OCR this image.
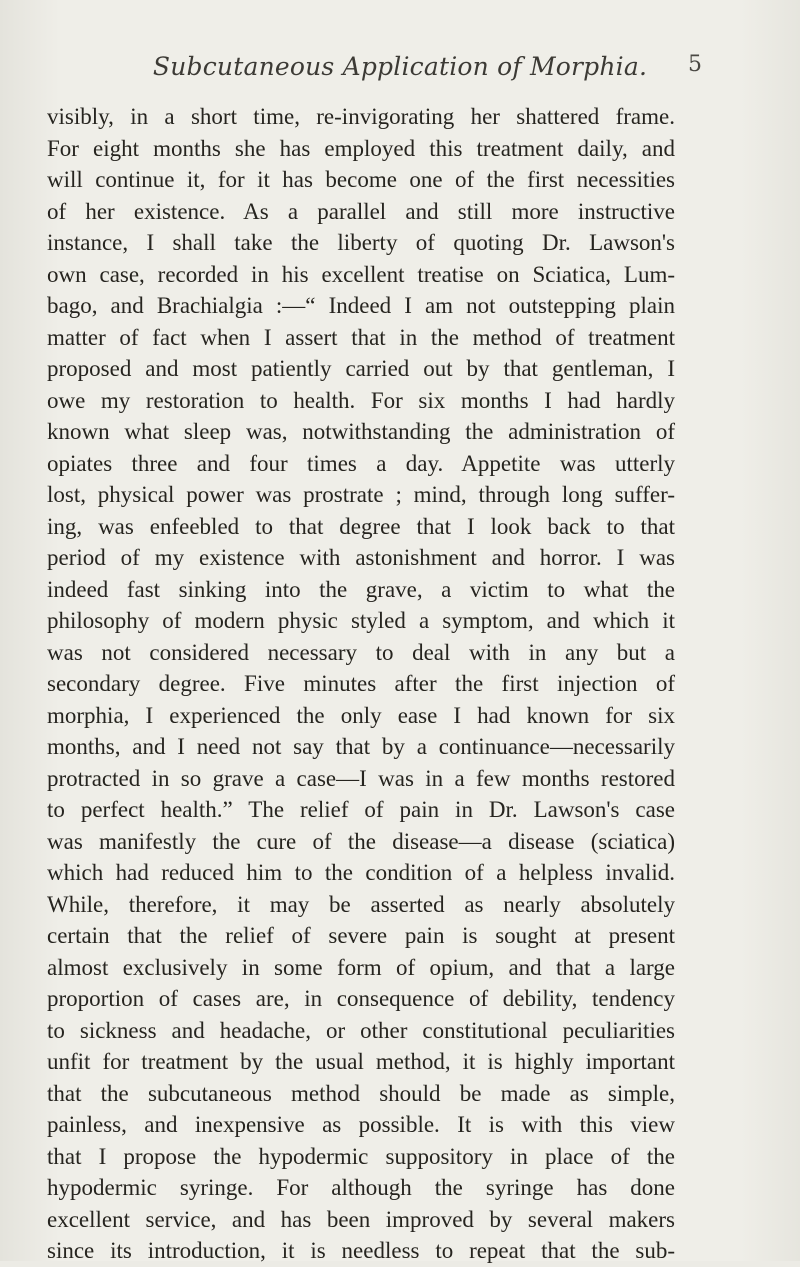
Subcutaneous Application of Morphia.	5
visibly, in a short time, re-invigorating her shattered frame.
For eight months she has employed this treatment daily, and
will continue it, for it has become one of the first necessities
of her existence. As a parallel and still more instructive
instance, I shall take the liberty of quoting Dr. Lawson's
own case, recorded in his excellent treatise on Sciatica, Lum-
bago, and Brachialgia :—“ Indeed I am not outstepping plain
matter of fact when I assert that in the method of treatment
proposed and most patiently carried out by that gentleman, I
owe my restoration to health. For six months I had hardly
known what sleep was, notwithstanding the administration of
opiates three and four times a day. Appetite was utterly
lost, physical power was prostrate ; mind, through long suffer-
ing, was enfeebled to that degree that I look back to that
period of my existence with astonishment and horror. I was
indeed fast sinking into the grave, a victim to what the
philosophy of modern physic styled a symptom, and which it
was not considered necessary to deal with in any but a
secondary degree. Five minutes after the first injection of
morphia, I experienced the only ease I had known for six
months, and I need not say that by a continuance—necessarily
protracted in so grave a case—I was in a few months restored
to perfect health.” The relief of pain in Dr. Lawson's case
was manifestly the cure of the disease—a disease (sciatica)
which had reduced him to the condition of a helpless invalid.
While, therefore, it may be asserted as nearly absolutely
certain that the relief of severe pain is sought at present
almost exclusively in some form of opium, and that a large
proportion of cases are, in consequence of debility, tendency
to sickness and headache, or other constitutional peculiarities
unfit for treatment by the usual method, it is highly important
that the subcutaneous method should be made as simple,
painless, and inexpensive as possible. It is with this view
that I propose the hypodermic suppository in place of the
hypodermic syringe. For although the syringe has done
excellent service, and has been improved by several makers
since its introduction, it is needless to repeat that the sub-
